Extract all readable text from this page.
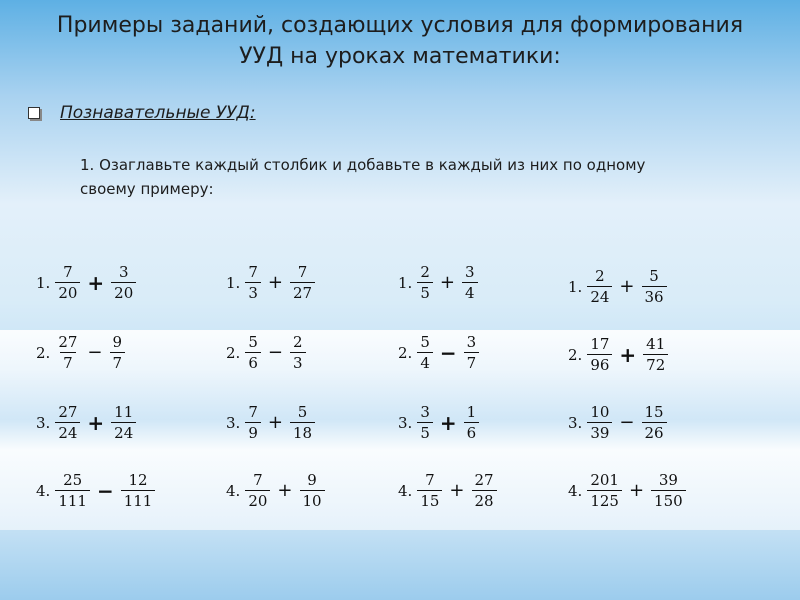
Примеры заданий, создающих условия для формирования
УУД на уроках математики:
Познавательные УУД:
1. Озаглавьте каждый столбик и добавьте в каждый из них по одному
своему примеру:
1. $\frac{7}{20} + \frac{3}{20}$
2. $\frac{27}{7} - \frac{9}{7}$
3. $\frac{27}{24} + \frac{11}{24}$
4. $\frac{25}{111} - \frac{12}{111}$
1. $\frac{7}{3} + \frac{7}{27}$
2. $\frac{5}{6} - \frac{2}{3}$
3. $\frac{7}{9} + \frac{5}{18}$
4. $\frac{7}{20} + \frac{9}{10}$
1. $\frac{2}{5} + \frac{3}{4}$
2. $\frac{5}{4} - \frac{3}{7}$
3. $\frac{3}{5} + \frac{1}{6}$
4. $\frac{7}{15} + \frac{27}{28}$
1. $\frac{2}{24} + \frac{5}{36}$
2. $\frac{17}{96} + \frac{41}{72}$
3. $\frac{10}{39} - \frac{15}{26}$
4. $\frac{201}{125} + \frac{39}{150}$
